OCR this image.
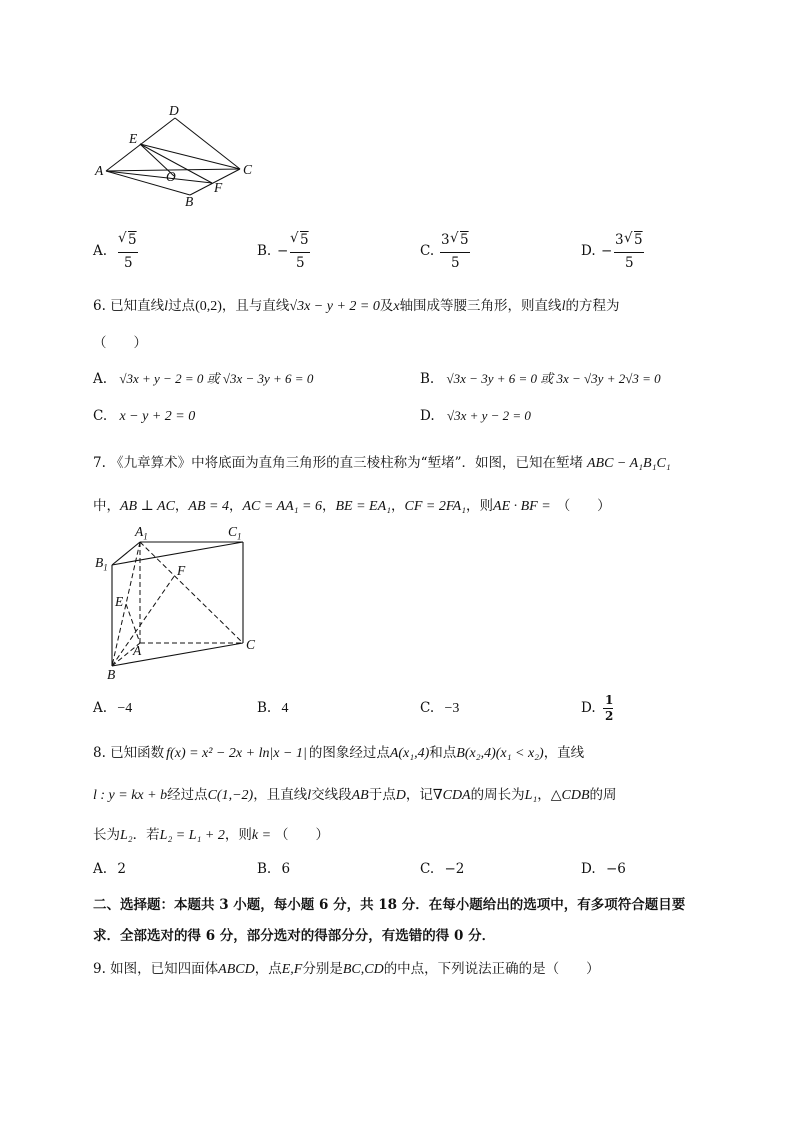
D
E
A	O	C
F
B
A.
√ 5
5
B. −
√ 5
5
C.
3 √ 5
5
D. −
3 √ 5
5
6. 已知直线l过点(0,2)，且与直线√3x − y + 2 = 0及x轴围成等腰三角形，则直线l的方程为
（　　）
A. √3x + y − 2 = 0 或 √3x − 3y + 6 = 0	B. √3x − 3y + 6 = 0 或 3x − √3y + 2√3 = 0
C. x − y + 2 = 0	D. √3x + y − 2 = 0
7. 《九章算术》中将底面为直角三角形的直三棱柱称为“堑堵”．如图，已知在堑堵 ABC − A₁B₁C₁
中，AB ⊥ AC，AB = 4，AC = AA₁ = 6，BE = EA₁，CF = 2FA₁，则AE · BF = （　　）
$A_1$	$C_1$
$B_1$	F
E
A	C
B
A. −4	B. 4	C. −3	D. 1
2
8. 已知函数 f(x) = x² − 2x + ln|x − 1| 的图象经过点A(x₁,4)和点B(x₂,4)(x₁ < x₂)，直线
l : y = kx + b经过点C(1,−2)，且直线l交线段AB于点D，记∇CDA的周长为L₁，△CDB的周
长为L₂．若L₂ = L₁ + 2，则k = （　　）
A. 2	B. 6	C. −2	D. −6
二、选择题：本题共 3 小题，每小题 6 分，共 18 分．在每小题给出的选项中，有多项符合题目要
求．全部选对的得 6 分，部分选对的得部分分，有选错的得 0 分．
9. 如图，已知四面体ABCD，点E,F分别是BC,CD的中点，下列说法正确的是（　　）
